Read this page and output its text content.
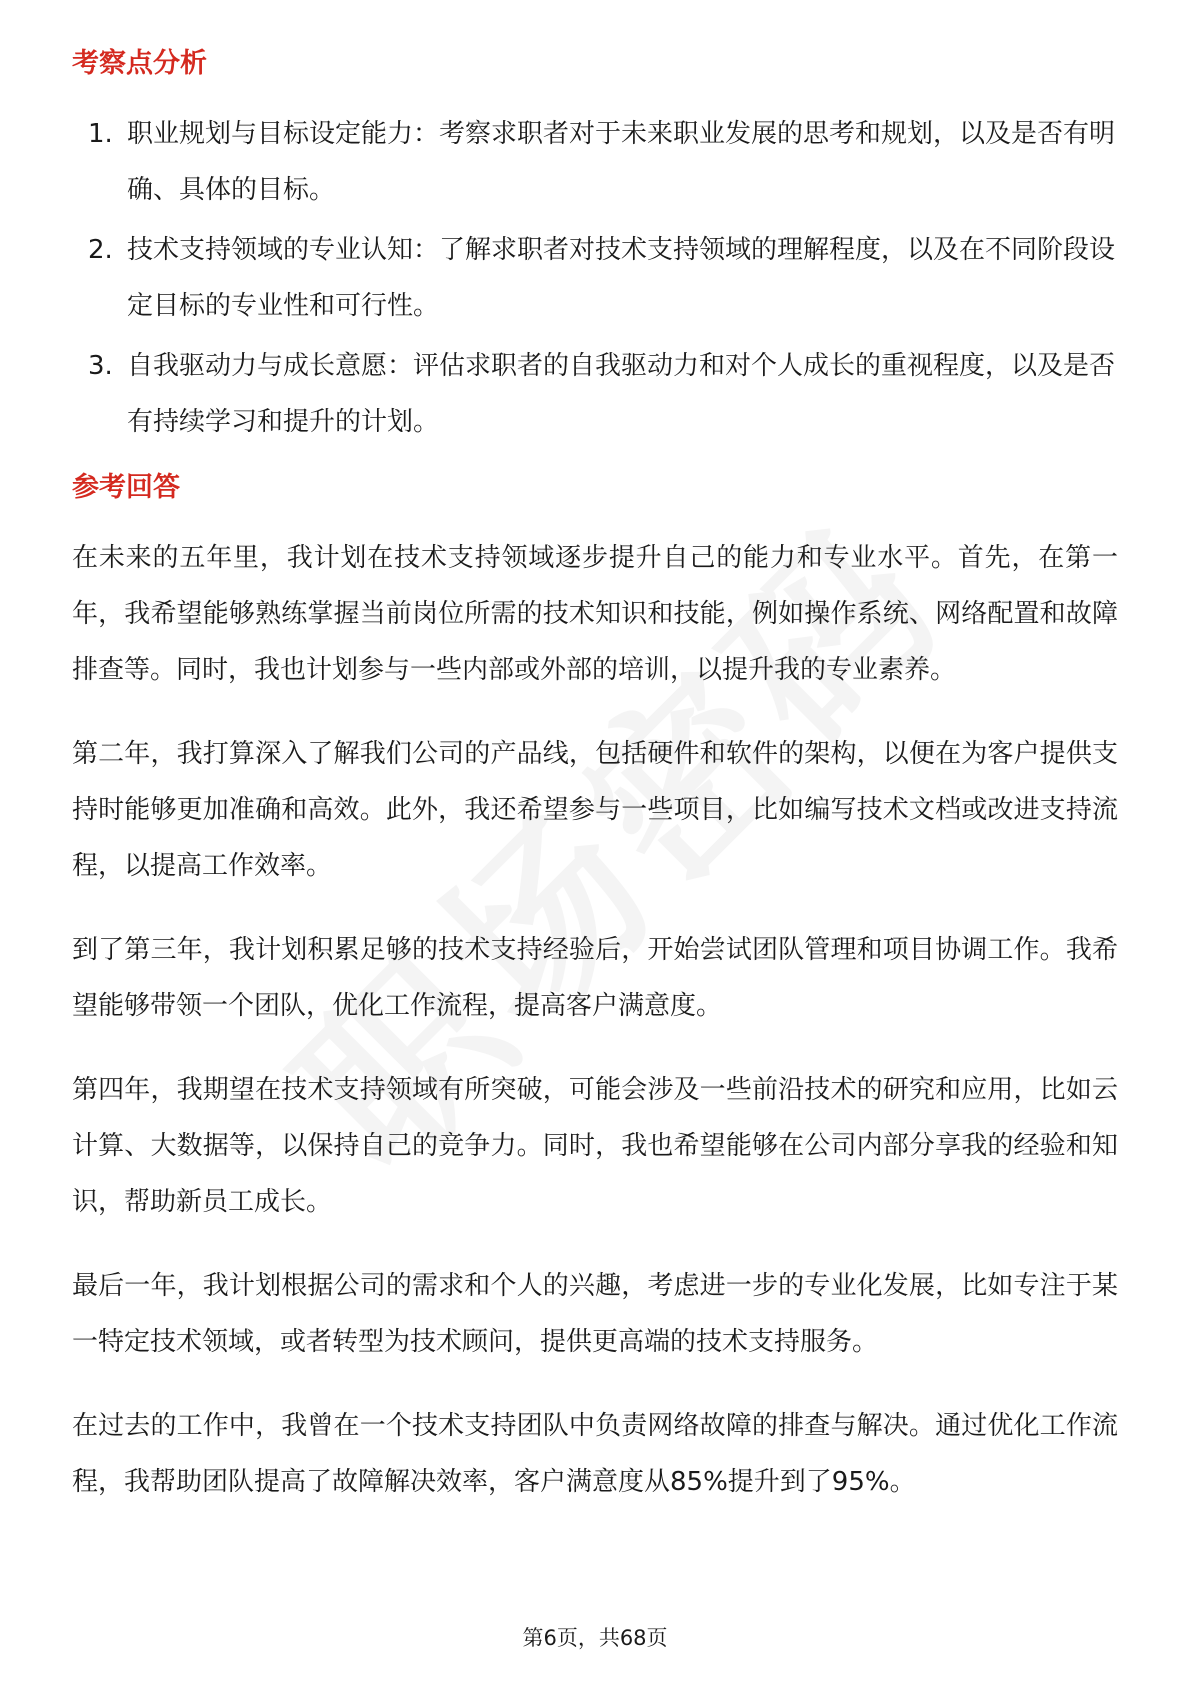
考察点分析
1. 职业规划与目标设定能力：考察求职者对于未来职业发展的思考和规划，以及是否有明确、具体的目标。
2. 技术支持领域的专业认知：了解求职者对技术支持领域的理解程度，以及在不同阶段设定目标的专业性和可行性。
3. 自我驱动力与成长意愿：评估求职者的自我驱动力和对个人成长的重视程度，以及是否有持续学习和提升的计划。
参考回答

在未来的五年里，我计划在技术支持领域逐步提升自己的能力和专业水平。首先，在第一年，我希望能够熟练掌握当前岗位所需的技术知识和技能，例如操作系统、网络配置和故障排查等。同时，我也计划参与一些内部或外部的培训，以提升我的专业素养。

第二年，我打算深入了解我们公司的产品线，包括硬件和软件的架构，以便在为客户提供支持时能够更加准确和高效。此外，我还希望参与一些项目，比如编写技术文档或改进支持流程，以提高工作效率。

到了第三年，我计划积累足够的技术支持经验后，开始尝试团队管理和项目协调工作。我希望能够带领一个团队，优化工作流程，提高客户满意度。

第四年，我期望在技术支持领域有所突破，可能会涉及一些前沿技术的研究和应用，比如云计算、大数据等，以保持自己的竞争力。同时，我也希望能够在公司内部分享我的经验和知识，帮助新员工成长。

最后一年，我计划根据公司的需求和个人的兴趣，考虑进一步的专业化发展，比如专注于某一特定技术领域，或者转型为技术顾问，提供更高端的技术支持服务。

在过去的工作中，我曾在一个技术支持团队中负责网络故障的排查与解决。通过优化工作流程，我帮助团队提高了故障解决效率，客户满意度从85%提升到了95%。

第6页，共68页
